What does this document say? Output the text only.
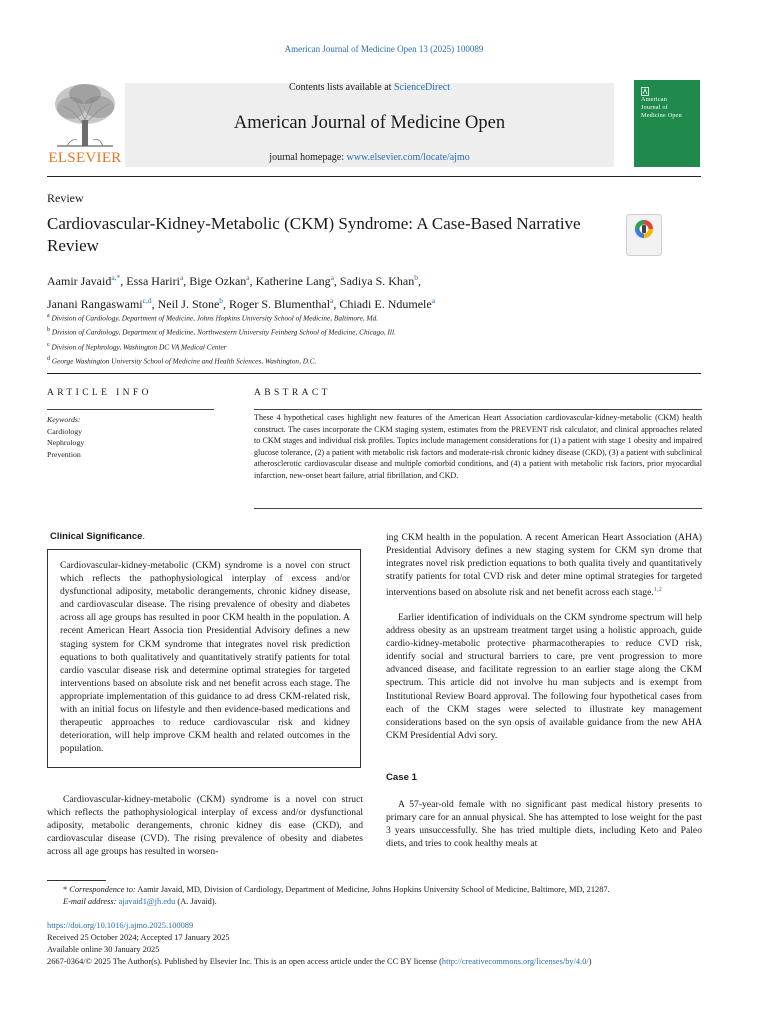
American Journal of Medicine Open 13 (2025) 100089
ELSEVIER
Contents lists available at ScienceDirect
American Journal of Medicine Open
journal homepage: www.elsevier.com/locate/ajmo
American
Journal of
Medicine Open
Review
Cardiovascular-Kidney-Metabolic (CKM) Syndrome: A Case-Based Narrative Review
Aamir Javaid$^{a,*}$, Essa Hariri$^a$, Bige Ozkan$^a$, Katherine Lang$^a$, Sadiya S. Khan$^b$,
Janani Rangaswami$^{c,d}$, Neil J. Stone$^b$, Roger S. Blumenthal$^a$, Chiadi E. Ndumele$^a$
$^a$ Division of Cardiology, Department of Medicine, Johns Hopkins University School of Medicine, Baltimore, Md.
$^b$ Division of Cardiology, Department of Medicine, Northwestern University Feinberg School of Medicine, Chicago, Ill.
$^c$ Division of Nephrology, Washington DC VA Medical Center
$^d$ George Washington University School of Medicine and Health Sciences, Washington, D.C.
ARTICLE INFO	ABSTRACT
Keywords:
Cardiology
Nephrology
Prevention
These 4 hypothetical cases highlight new features of the American Heart Association cardiovascular-kidney-metabolic (CKM) health construct. The cases incorporate the CKM staging system, estimates from the PREVENT risk calculator, and clinical approaches related to CKM stages and individual risk profiles. Topics include management considerations for (1) a patient with stage 1 obesity and impaired glucose tolerance, (2) a patient with metabolic risk factors and moderate-risk chronic kidney disease (CKD), (3) a patient with subclinical atherosclerotic cardiovascular disease and multiple comorbid conditions, and (4) a patient with metabolic risk factors, prior myocardial infarction, new-onset heart failure, atrial fibrillation, and CKD.
Clinical Significance.
Cardiovascular-kidney-metabolic (CKM) syndrome is a novel con struct which reflects the pathophysiological interplay of excess and/or dysfunctional adiposity, metabolic derangements, chronic kidney disease, and cardiovascular disease. The rising prevalence of obesity and diabetes across all age groups has resulted in poor CKM health in the population. A recent American Heart Associa tion Presidential Advisory defines a new staging system for CKM syndrome that integrates novel risk prediction equations to both qualitatively and quantitatively stratify patients for total cardio vascular disease risk and determine optimal strategies for targeted interventions based on absolute risk and net benefit across each stage. The appropriate implementation of this guidance to ad dress CKM-related risk, with an initial focus on lifestyle and then evidence-based medications and therapeutic approaches to reduce cardiovascular risk and kidney deterioration, will help improve CKM health and related outcomes in the population.
Cardiovascular-kidney-metabolic (CKM) syndrome is a novel con struct which reflects the pathophysiological interplay of excess and/or dysfunctional adiposity, metabolic derangements, chronic kidney dis ease (CKD), and cardiovascular disease (CVD). The rising prevalence of obesity and diabetes across all age groups has resulted in worsen-
ing CKM health in the population. A recent American Heart Association (AHA) Presidential Advisory defines a new staging system for CKM syn drome that integrates novel risk prediction equations to both qualita tively and quantitatively stratify patients for total CVD risk and deter mine optimal strategies for targeted interventions based on absolute risk and net benefit across each stage.$^{1,2}$
Earlier identification of individuals on the CKM syndrome spectrum will help address obesity as an upstream treatment target using a holistic approach, guide cardio-kidney-metabolic protective pharmacotherapies to reduce CVD risk, identify social and structural barriers to care, pre vent progression to more advanced disease, and facilitate regression to an earlier stage along the CKM spectrum. This article did not involve hu man subjects and is exempt from Institutional Review Board approval. The following four hypothetical cases from each of the CKM stages were selected to illustrate key management considerations based on the syn opsis of available guidance from the new AHA CKM Presidential Advi sory.
Case 1
A 57-year-old female with no significant past medical history presents to primary care for an annual physical. She has attempted to lose weight for the past 3 years unsuccessfully. She has tried multiple diets, including Keto and Paleo diets, and tries to cook healthy meals at
* Correspondence to: Aamir Javaid, MD, Division of Cardiology, Department of Medicine, Johns Hopkins University School of Medicine, Baltimore, MD, 21287.
E-mail address: ajavaid1@jh.edu (A. Javaid).
https://doi.org/10.1016/j.ajmo.2025.100089
Received 25 October 2024; Accepted 17 January 2025
Available online 30 January 2025
2667-0364/© 2025 The Author(s). Published by Elsevier Inc. This is an open access article under the CC BY license (http://creativecommons.org/licenses/by/4.0/)
